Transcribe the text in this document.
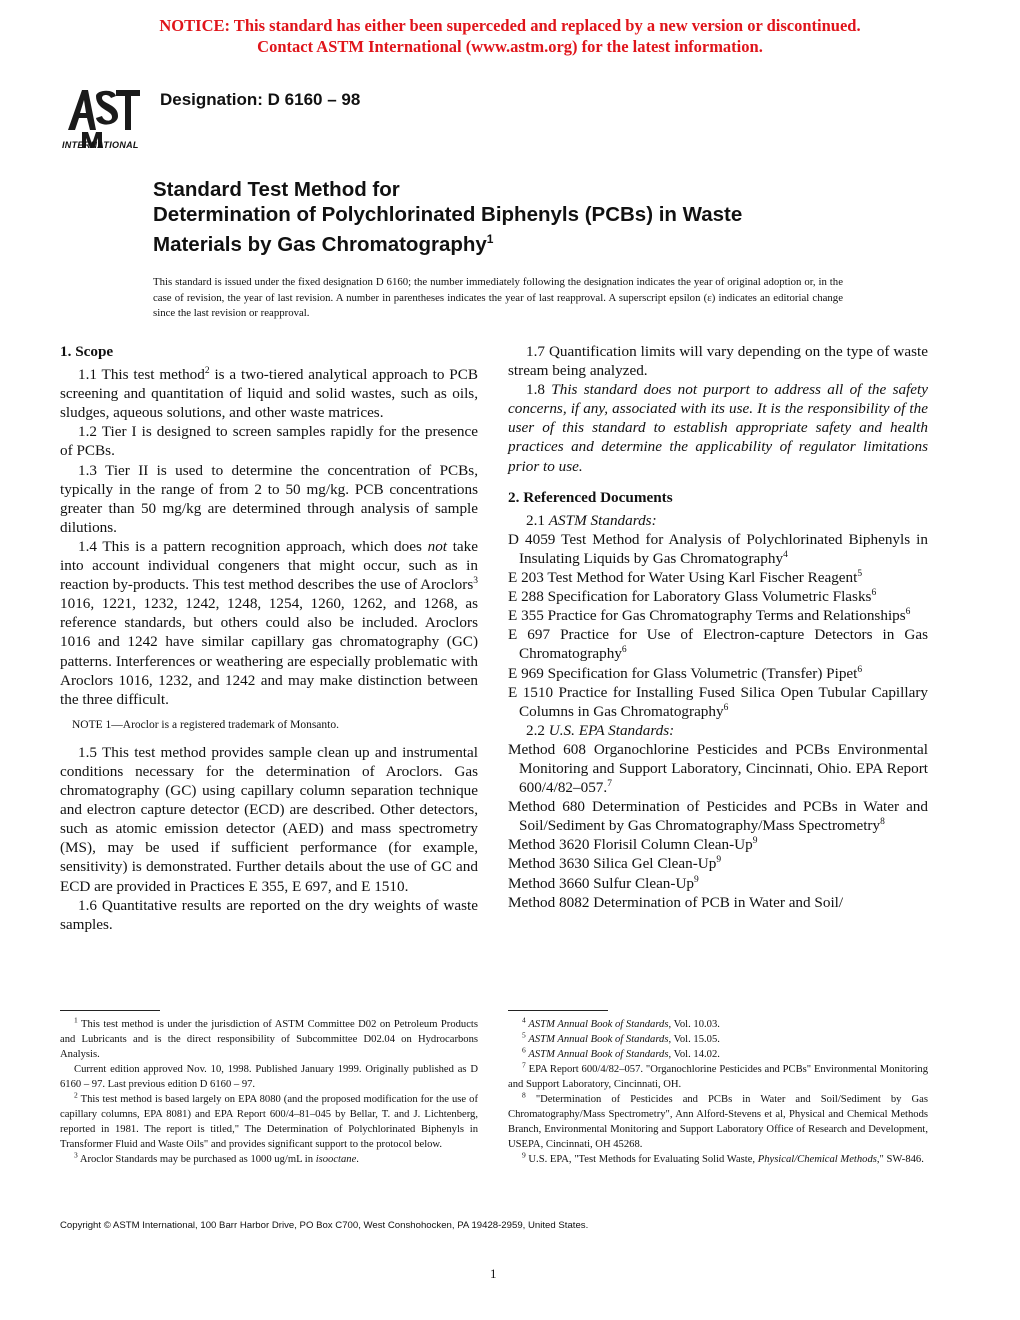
NOTICE: This standard has either been superceded and replaced by a new version or discontinued.
Contact ASTM International (www.astm.org) for the latest information.
INTERNATIONAL
Designation: D 6160 – 98
Standard Test Method for
Determination of Polychlorinated Biphenyls (PCBs) in Waste
Materials by Gas Chromatography$^1$
This standard is issued under the fixed designation D 6160; the number immediately following the designation indicates the year of original adoption or, in the case of revision, the year of last revision. A number in parentheses indicates the year of last reapproval. A superscript epsilon (ε) indicates an editorial change since the last revision or reapproval.
1. Scope

1.1 This test method$^2$ is a two-tiered analytical approach to PCB screening and quantitation of liquid and solid wastes, such as oils, sludges, aqueous solutions, and other waste matrices.

1.2 Tier I is designed to screen samples rapidly for the presence of PCBs.

1.3 Tier II is used to determine the concentration of PCBs, typically in the range of from 2 to 50 mg/kg. PCB concentrations greater than 50 mg/kg are determined through analysis of sample dilutions.

1.4 This is a pattern recognition approach, which does not take into account individual congeners that might occur, such as in reaction by-products. This test method describes the use of Aroclors$^3$ 1016, 1221, 1232, 1242, 1248, 1254, 1260, 1262, and 1268, as reference standards, but others could also be included. Aroclors 1016 and 1242 have similar capillary gas chromatography (GC) patterns. Interferences or weathering are especially problematic with Aroclors 1016, 1232, and 1242 and may make distinction between the three difficult.

NOTE 1—Aroclor is a registered trademark of Monsanto.

1.5 This test method provides sample clean up and instrumental conditions necessary for the determination of Aroclors. Gas chromatography (GC) using capillary column separation technique and electron capture detector (ECD) are described. Other detectors, such as atomic emission detector (AED) and mass spectrometry (MS), may be used if sufficient performance (for example, sensitivity) is demonstrated. Further details about the use of GC and ECD are provided in Practices E 355, E 697, and E 1510.

1.6 Quantitative results are reported on the dry weights of waste samples.

1.7 Quantification limits will vary depending on the type of waste stream being analyzed.

1.8 This standard does not purport to address all of the safety concerns, if any, associated with its use. It is the responsibility of the user of this standard to establish appropriate safety and health practices and determine the applicability of regulator limitations prior to use.

2. Referenced Documents

2.1 ASTM Standards:

D 4059 Test Method for Analysis of Polychlorinated Biphenyls in Insulating Liquids by Gas Chromatography$^4$

E 203 Test Method for Water Using Karl Fischer Reagent$^5$

E 288 Specification for Laboratory Glass Volumetric Flasks$^6$

E 355 Practice for Gas Chromatography Terms and Relationships$^6$

E 697 Practice for Use of Electron-capture Detectors in Gas Chromatography$^6$

E 969 Specification for Glass Volumetric (Transfer) Pipet$^6$

E 1510 Practice for Installing Fused Silica Open Tubular Capillary Columns in Gas Chromatography$^6$

2.2 U.S. EPA Standards:

Method 608 Organochlorine Pesticides and PCBs Environmental Monitoring and Support Laboratory, Cincinnati, Ohio. EPA Report 600/4/82–057.$^7$

Method 680 Determination of Pesticides and PCBs in Water and Soil/Sediment by Gas Chromatography/Mass Spectrometry$^8$

Method 3620 Florisil Column Clean-Up$^9$

Method 3630 Silica Gel Clean-Up$^9$

Method 3660 Sulfur Clean-Up$^9$

Method 8082 Determination of PCB in Water and Soil/

$^1$ This test method is under the jurisdiction of ASTM Committee D02 on Petroleum Products and Lubricants and is the direct responsibility of Subcommittee D02.04 on Hydrocarbons Analysis.

Current edition approved Nov. 10, 1998. Published January 1999. Originally published as D 6160 – 97. Last previous edition D 6160 – 97.

$^2$ This test method is based largely on EPA 8080 (and the proposed modification for the use of capillary columns, EPA 8081) and EPA Report 600/4–81–045 by Bellar, T. and J. Lichtenberg, reported in 1981. The report is titled," The Determination of Polychlorinated Biphenyls in Transformer Fluid and Waste Oils" and provides significant support to the protocol below.

$^3$ Aroclor Standards may be purchased as 1000 ug/mL in isooctane.

$^4$ ASTM Annual Book of Standards, Vol. 10.03.

$^5$ ASTM Annual Book of Standards, Vol. 15.05.

$^6$ ASTM Annual Book of Standards, Vol. 14.02.

$^7$ EPA Report 600/4/82–057. "Organochlorine Pesticides and PCBs" Environmental Monitoring and Support Laboratory, Cincinnati, OH.

$^8$ "Determination of Pesticides and PCBs in Water and Soil/Sediment by Gas Chromatography/Mass Spectrometry", Ann Alford-Stevens et al, Physical and Chemical Methods Branch, Environmental Monitoring and Support Laboratory Office of Research and Development, USEPA, Cincinnati, OH 45268.

$^9$ U.S. EPA, "Test Methods for Evaluating Solid Waste, Physical/Chemical Methods," SW-846.

Copyright © ASTM International, 100 Barr Harbor Drive, PO Box C700, West Conshohocken, PA 19428-2959, United States.
1
